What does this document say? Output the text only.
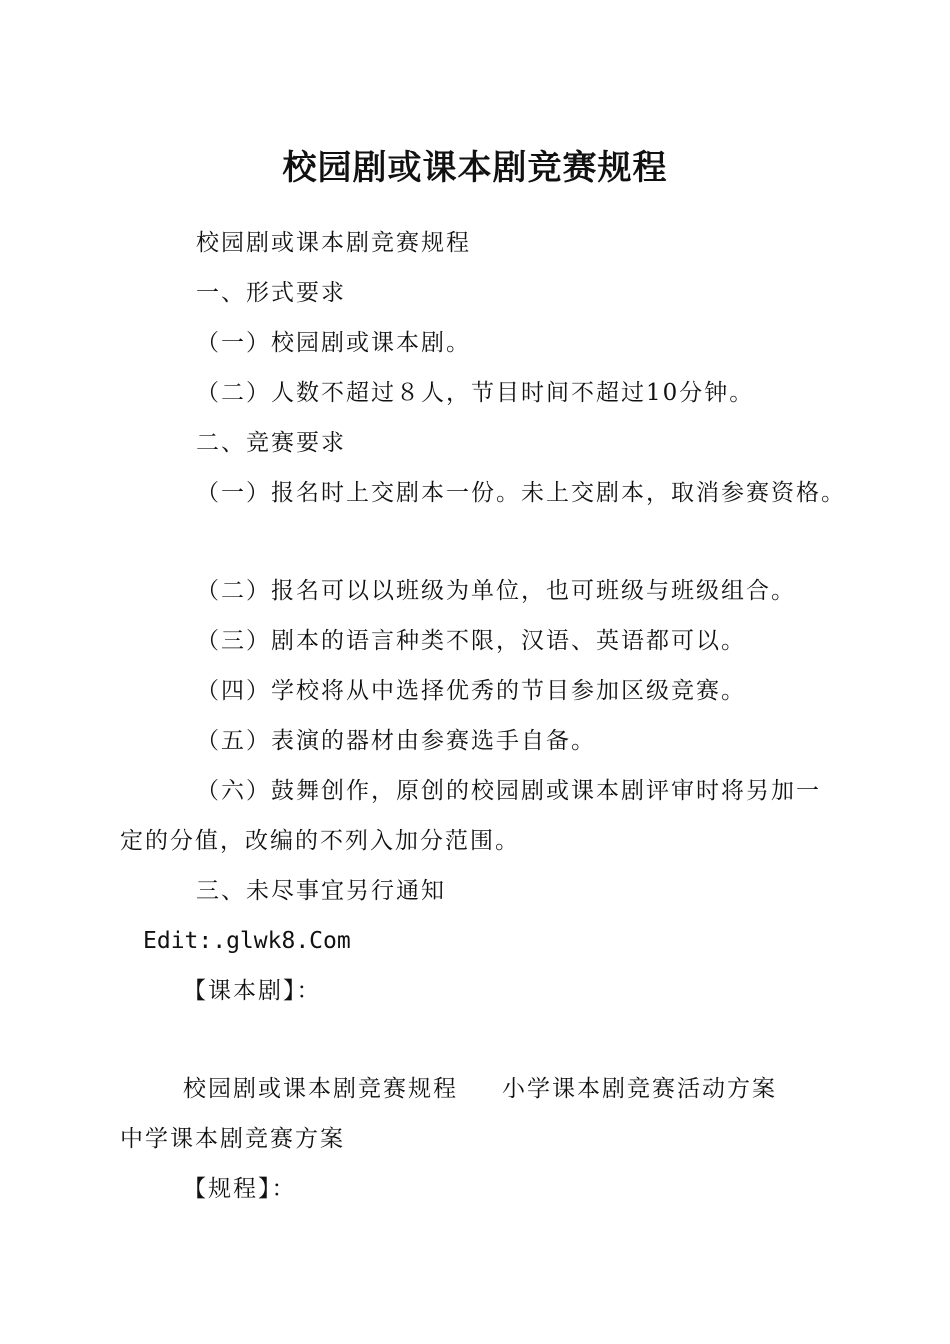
校园剧或课本剧竞赛规程
校园剧或课本剧竞赛规程
一、形式要求
（一）校园剧或课本剧。
（二）人数不超过８人，节目时间不超过10分钟。
二、竞赛要求
（一）报名时上交剧本一份。未上交剧本，取消参赛资格。
（二）报名可以以班级为单位，也可班级与班级组合。
（三）剧本的语言种类不限，汉语、英语都可以。
（四）学校将从中选择优秀的节目参加区级竞赛。
（五）表演的器材由参赛选手自备。
（六）鼓舞创作，原创的校园剧或课本剧评审时将另加一
定的分值，改编的不列入加分范围。
三、未尽事宜另行通知
Edit:.glwk8.Com
【课本剧】：
校园剧或课本剧竞赛规程 小学课本剧竞赛活动方案
中学课本剧竞赛方案
【规程】：
